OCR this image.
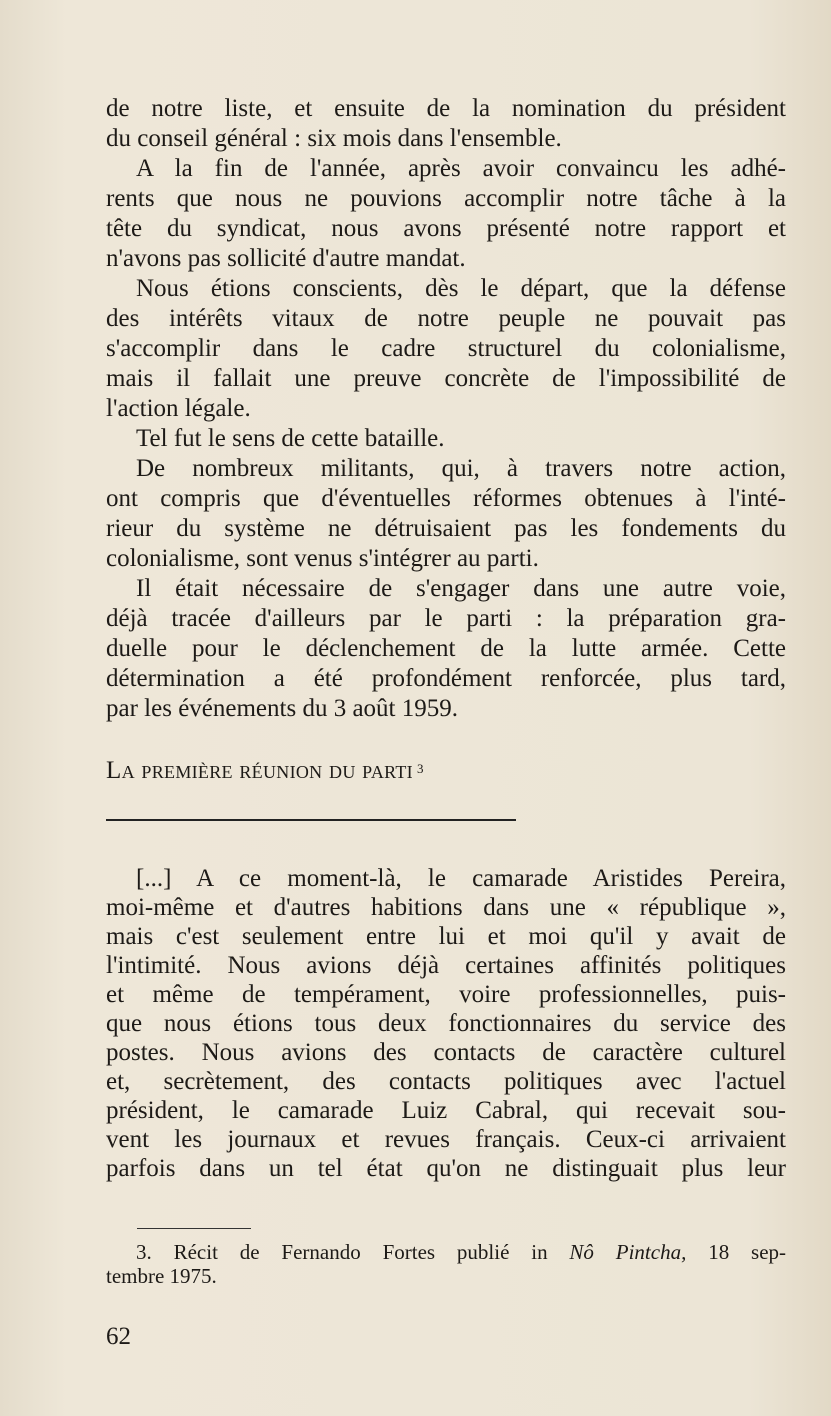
de notre liste, et ensuite de la nomination du président
du conseil général : six mois dans l'ensemble.
A la fin de l'année, après avoir convaincu les adhé-
rents que nous ne pouvions accomplir notre tâche à la
tête du syndicat, nous avons présenté notre rapport et
n'avons pas sollicité d'autre mandat.
Nous étions conscients, dès le départ, que la défense
des intérêts vitaux de notre peuple ne pouvait pas
s'accomplir dans le cadre structurel du colonialisme,
mais il fallait une preuve concrète de l'impossibilité de
l'action légale.
Tel fut le sens de cette bataille.
De nombreux militants, qui, à travers notre action,
ont compris que d'éventuelles réformes obtenues à l'inté-
rieur du système ne détruisaient pas les fondements du
colonialisme, sont venus s'intégrer au parti.
Il était nécessaire de s'engager dans une autre voie,
déjà tracée d'ailleurs par le parti : la préparation gra-
duelle pour le déclenchement de la lutte armée. Cette
détermination a été profondément renforcée, plus tard,
par les événements du 3 août 1959.
La première réunion du parti $^3$
[...] A ce moment-là, le camarade Aristides Pereira,
moi-même et d'autres habitions dans une « république »,
mais c'est seulement entre lui et moi qu'il y avait de
l'intimité. Nous avions déjà certaines affinités politiques
et même de tempérament, voire professionnelles, puis-
que nous étions tous deux fonctionnaires du service des
postes. Nous avions des contacts de caractère culturel
et, secrètement, des contacts politiques avec l'actuel
président, le camarade Luiz Cabral, qui recevait sou-
vent les journaux et revues français. Ceux-ci arrivaient
parfois dans un tel état qu'on ne distinguait plus leur
3. Récit de Fernando Fortes publié in Nô Pintcha, 18 sep-
tembre 1975.
62
